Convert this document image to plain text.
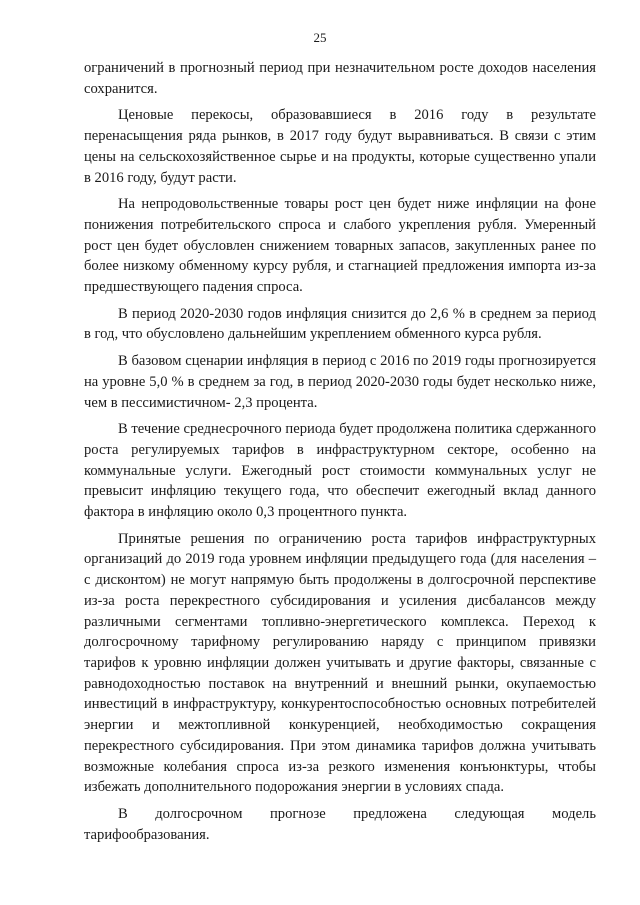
25

ограничений в прогнозный период при незначительном росте доходов населения сохранится.

Ценовые перекосы, образовавшиеся в 2016 году в результате перенасыщения ряда рынков, в 2017 году будут выравниваться. В связи с этим цены на сельскохозяйственное сырье и на продукты, которые существенно упали в 2016 году, будут расти.

На непродовольственные товары рост цен будет ниже инфляции на фоне понижения потребительского спроса и слабого укрепления рубля. Умеренный рост цен будет обусловлен снижением товарных запасов, закупленных ранее по более низкому обменному курсу рубля, и стагнацией предложения импорта из-за предшествующего падения спроса.

В период 2020-2030 годов инфляция снизится до 2,6 % в среднем за период в год, что обусловлено дальнейшим укреплением обменного курса рубля.

В базовом сценарии инфляция в период с 2016 по 2019 годы прогнозируется на уровне 5,0 % в среднем за год, в период 2020-2030 годы будет несколько ниже, чем в пессимистичном- 2,3 процента.

В течение среднесрочного периода будет продолжена политика сдержанного роста регулируемых тарифов в инфраструктурном секторе, особенно на коммунальные услуги. Ежегодный рост стоимости коммунальных услуг не превысит инфляцию текущего года, что обеспечит ежегодный вклад данного фактора в инфляцию около 0,3 процентного пункта.

Принятые решения по ограничению роста тарифов инфраструктурных организаций до 2019 года уровнем инфляции предыдущего года (для населения – с дисконтом) не могут напрямую быть продолжены в долгосрочной перспективе из-за роста перекрестного субсидирования и усиления дисбалансов между различными сегментами топливно-энергетического комплекса. Переход к долгосрочному тарифному регулированию наряду с принципом привязки тарифов к уровню инфляции должен учитывать и другие факторы, связанные с равнодоходностью поставок на внутренний и внешний рынки, окупаемостью инвестиций в инфраструктуру, конкурентоспособностью основных потребителей энергии и межтопливной конкуренцией, необходимостью сокращения перекрестного субсидирования. При этом динамика тарифов должна учитывать возможные колебания спроса из-за резкого изменения конъюнктуры, чтобы избежать дополнительного подорожания энергии в условиях спада.

В долгосрочном прогнозе предложена следующая модель тарифообразования.
